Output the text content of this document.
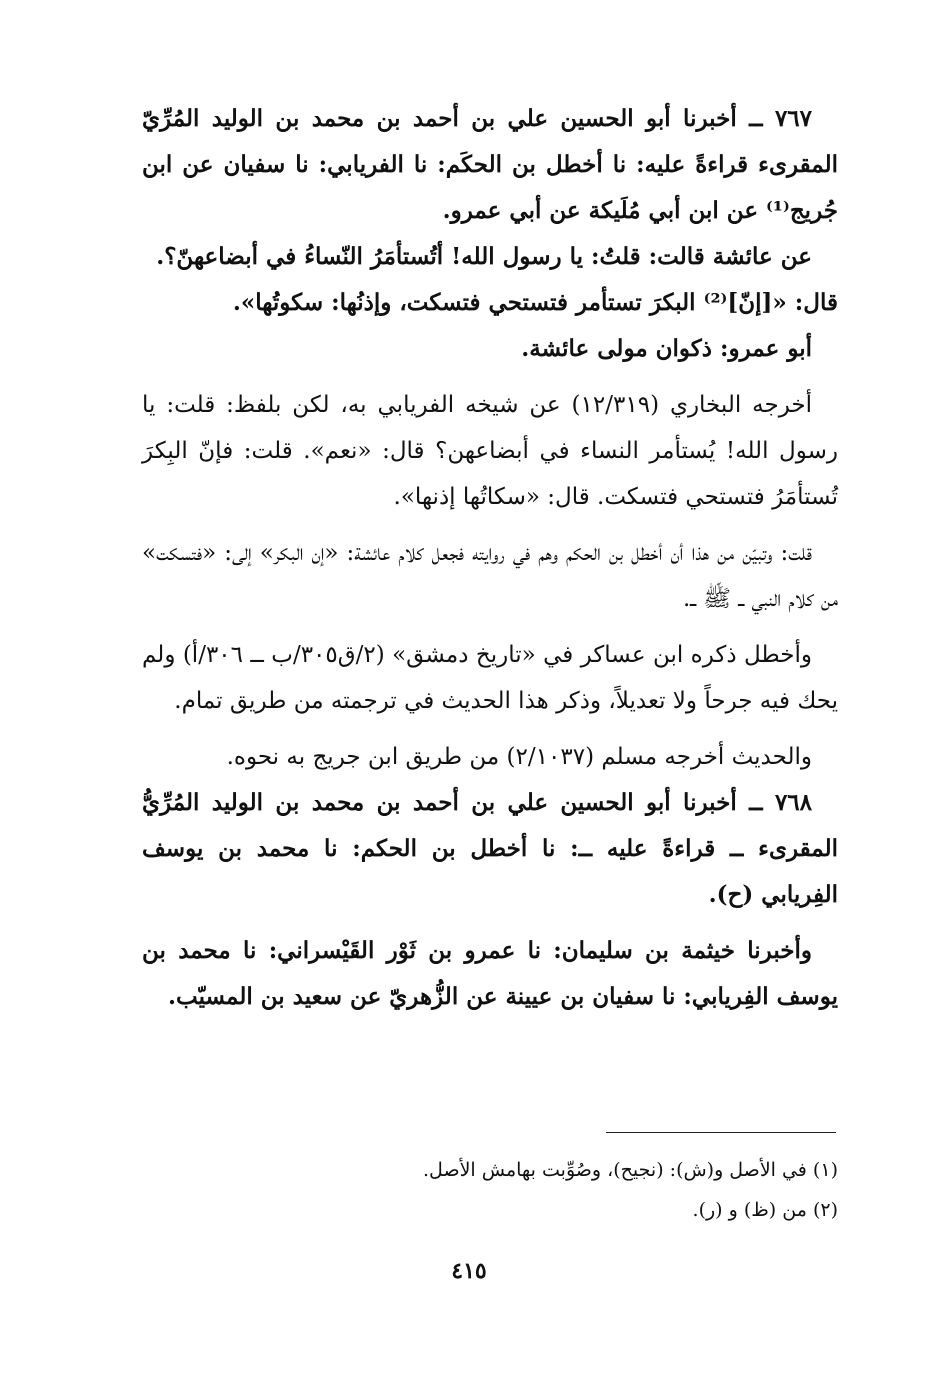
٧٦٧ ــ أخبرنا أبو الحسين علي بن أحمد بن محمد بن الوليد المُرِّيّ المقرىء قراءةً عليه: نا أخطل بن الحكَم: نا الفريابي: نا سفيان عن ابن جُريج⁽¹⁾ عن ابن أبي مُلَيكة عن أبي عمرو.

عن عائشة قالت: قلتُ: يا رسول الله! أتُستأمَرُ النّساءُ في أبضاعهنّ؟.

قال: «[إنّ]⁽²⁾ البكرَ تستأمر فتستحي فتسكت، وإذنُها: سكوتُها».

أبو عمرو: ذكوان مولى عائشة.

أخرجه البخاري (١٢/٣١٩) عن شيخه الفريابي به، لكن بلفظ: قلت: يا رسول الله! يُستأمر النساء في أبضاعهن؟ قال: «نعم». قلت: فإنّ البِكرَ تُستأمَرُ فتستحي فتسكت. قال: «سكاتُها إذنها».

قلت: وتبيّن من هذا أن أخطل بن الحكم وهم في روايته فجعل كلام عائشة: «إن البكر» إلى: «فتسكت» من كلام النبي ــ ﷺ ــ.

وأخطل ذكره ابن عساكر في «تاريخ دمشق» (٢/ق٣٠٥/ب ــ ٣٠٦/أ) ولم يحك فيه جرحاً ولا تعديلاً، وذكر هذا الحديث في ترجمته من طريق تمام.

والحديث أخرجه مسلم (٢/١٠٣٧) من طريق ابن جريج به نحوه.

٧٦٨ ــ أخبرنا أبو الحسين علي بن أحمد بن محمد بن الوليد المُرِّيُّ المقرىء ــ قراءةً عليه ــ: نا أخطل بن الحكم: نا محمد بن يوسف الفِريابي (ح).

وأخبرنا خيثمة بن سليمان: نا عمرو بن ثَوْر القَيْسراني: نا محمد بن يوسف الفِريابي: نا سفيان بن عيينة عن الزُّهريّ عن سعيد بن المسيّب.

(١) في الأصل و(ش): (نجيح)، وصُوِّبت بهامش الأصل.

(٢) من (ظ) و (ر).

٤١٥
